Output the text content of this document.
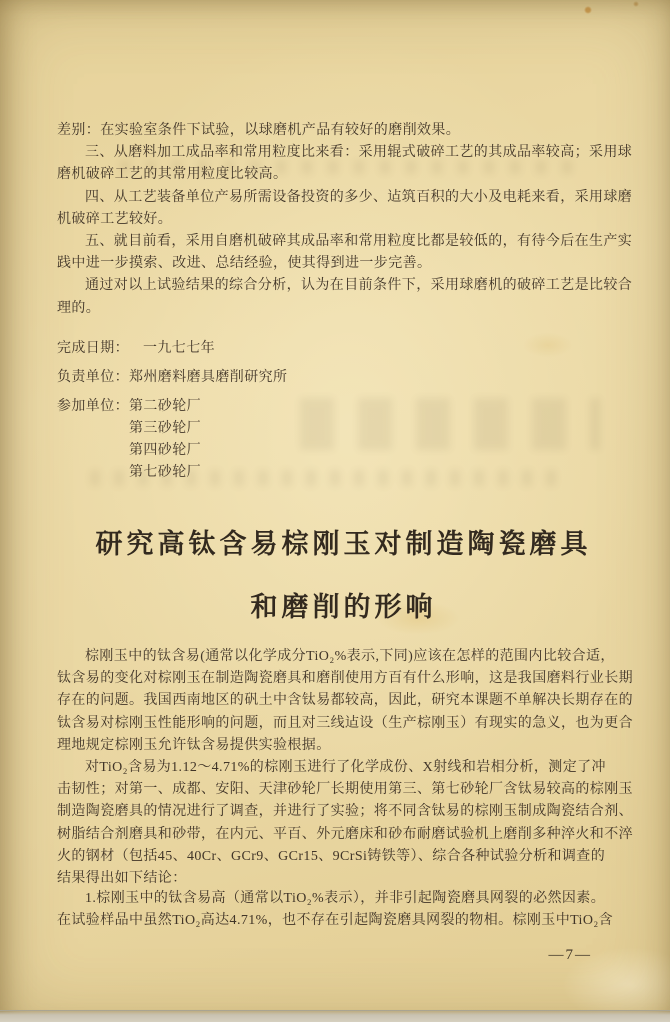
差别：在实验室条件下试验，以球磨机产品有较好的磨削效果。
三、从磨料加工成品率和常用粒度比来看：采用辊式破碎工艺的其成品率较高；采用球
磨机破碎工艺的其常用粒度比较高。
四、从工艺装备单位产易所需设备投资的多少、迠筑百积的大小及电耗来看，采用球磨
机破碎工艺较好。
五、就目前看，采用自磨机破碎其成品率和常用粒度比都是较低的，有待今后在生产实
践中进一步摸索、改进、总结经验，使其得到进一步完善。
通过对以上试验结果的综合分析，认为在目前条件下，采用球磨机的破碎工艺是比较合
理的。
完成日期： 一九七七年
负责单位：郑州磨料磨具磨削研究所
参加单位：第二砂轮厂
第三砂轮厂
第四砂轮厂
第七砂轮厂
研究高钛含易棕刚玉对制造陶瓷磨具
和磨削的形响
棕刚玉中的钛含易(通常以化学成分TiO₂%表示,下同)应该在怎样的范围内比较合适，
钛含易的变化对棕刚玉在制造陶瓷磨具和磨削使用方百有什么形响，这是我国磨料行业长期
存在的问题。我国西南地区的矾土中含钛易都较高，因此，研究本课题不单解决长期存在的
钛含易对棕刚玉性能形响的问题，而且对三线迠设（生产棕刚玉）有现实的急义，也为更合
理地规定棕刚玉允许钛含易提供实验根据。
对TiO₂含易为1.12～4.71%的棕刚玉进行了化学成份、X射线和岩相分析，测定了冲
击韧性；对第一、成都、安阳、天津砂轮厂长期使用第三、第七砂轮厂含钛易较高的棕刚玉
制造陶瓷磨具的情况进行了调查，并进行了实验；将不同含钛易的棕刚玉制成陶瓷结合剂、
树脂结合剂磨具和砂带，在内元、平百、外元磨床和砂布耐磨试验机上磨削多种淬火和不淬
火的钢材（包括45、40Cr、GCr9、GCr15、9CrSi铸铁等）、综合各种试验分析和调查的
结果得出如下结论：
1.棕刚玉中的钛含易高（通常以TiO₂%表示），并非引起陶瓷磨具网裂的必然因素。
在试验样品中虽然TiO₂高达4.71%，也不存在引起陶瓷磨具网裂的物相。棕刚玉中TiO₂含
—7—
